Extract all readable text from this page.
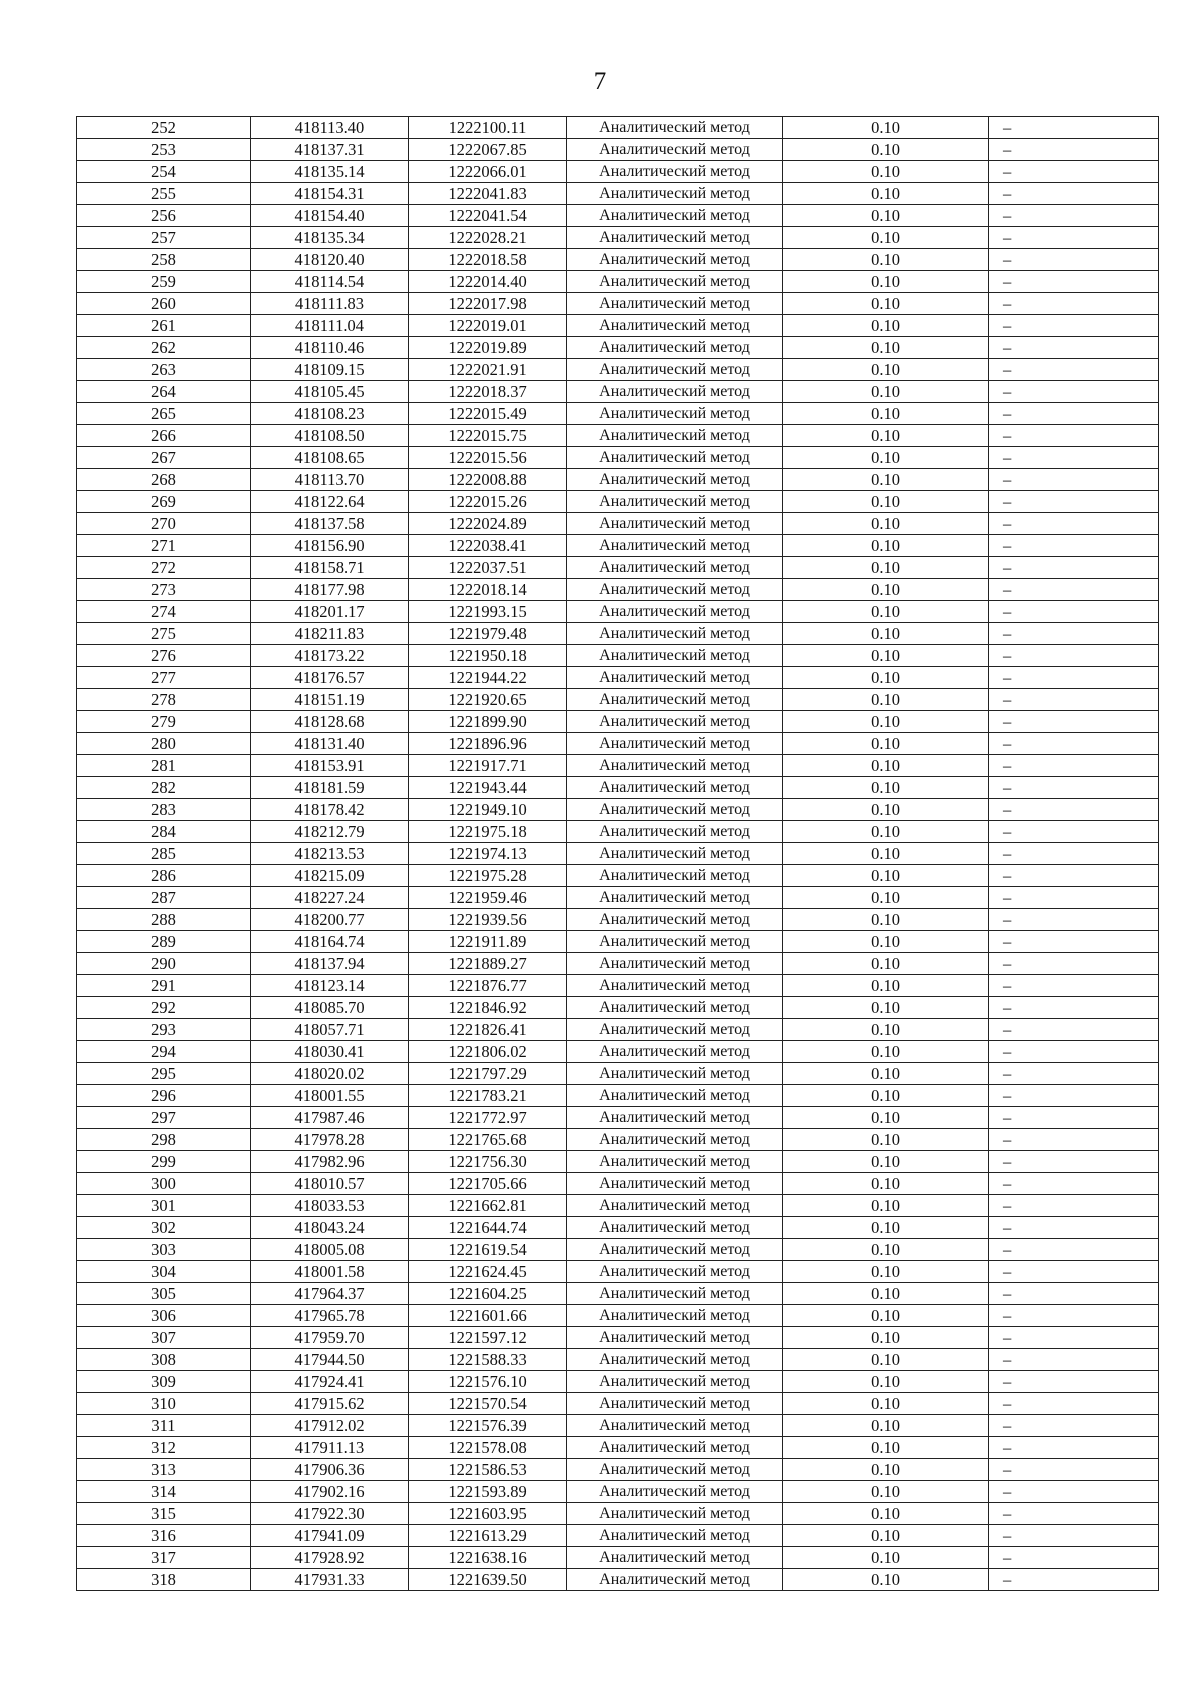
7
252	418113.40	1222100.11	Аналитический метод	0.10	–
253	418137.31	1222067.85	Аналитический метод	0.10	–
254	418135.14	1222066.01	Аналитический метод	0.10	–
255	418154.31	1222041.83	Аналитический метод	0.10	–
256	418154.40	1222041.54	Аналитический метод	0.10	–
257	418135.34	1222028.21	Аналитический метод	0.10	–
258	418120.40	1222018.58	Аналитический метод	0.10	–
259	418114.54	1222014.40	Аналитический метод	0.10	–
260	418111.83	1222017.98	Аналитический метод	0.10	–
261	418111.04	1222019.01	Аналитический метод	0.10	–
262	418110.46	1222019.89	Аналитический метод	0.10	–
263	418109.15	1222021.91	Аналитический метод	0.10	–
264	418105.45	1222018.37	Аналитический метод	0.10	–
265	418108.23	1222015.49	Аналитический метод	0.10	–
266	418108.50	1222015.75	Аналитический метод	0.10	–
267	418108.65	1222015.56	Аналитический метод	0.10	–
268	418113.70	1222008.88	Аналитический метод	0.10	–
269	418122.64	1222015.26	Аналитический метод	0.10	–
270	418137.58	1222024.89	Аналитический метод	0.10	–
271	418156.90	1222038.41	Аналитический метод	0.10	–
272	418158.71	1222037.51	Аналитический метод	0.10	–
273	418177.98	1222018.14	Аналитический метод	0.10	–
274	418201.17	1221993.15	Аналитический метод	0.10	–
275	418211.83	1221979.48	Аналитический метод	0.10	–
276	418173.22	1221950.18	Аналитический метод	0.10	–
277	418176.57	1221944.22	Аналитический метод	0.10	–
278	418151.19	1221920.65	Аналитический метод	0.10	–
279	418128.68	1221899.90	Аналитический метод	0.10	–
280	418131.40	1221896.96	Аналитический метод	0.10	–
281	418153.91	1221917.71	Аналитический метод	0.10	–
282	418181.59	1221943.44	Аналитический метод	0.10	–
283	418178.42	1221949.10	Аналитический метод	0.10	–
284	418212.79	1221975.18	Аналитический метод	0.10	–
285	418213.53	1221974.13	Аналитический метод	0.10	–
286	418215.09	1221975.28	Аналитический метод	0.10	–
287	418227.24	1221959.46	Аналитический метод	0.10	–
288	418200.77	1221939.56	Аналитический метод	0.10	–
289	418164.74	1221911.89	Аналитический метод	0.10	–
290	418137.94	1221889.27	Аналитический метод	0.10	–
291	418123.14	1221876.77	Аналитический метод	0.10	–
292	418085.70	1221846.92	Аналитический метод	0.10	–
293	418057.71	1221826.41	Аналитический метод	0.10	–
294	418030.41	1221806.02	Аналитический метод	0.10	–
295	418020.02	1221797.29	Аналитический метод	0.10	–
296	418001.55	1221783.21	Аналитический метод	0.10	–
297	417987.46	1221772.97	Аналитический метод	0.10	–
298	417978.28	1221765.68	Аналитический метод	0.10	–
299	417982.96	1221756.30	Аналитический метод	0.10	–
300	418010.57	1221705.66	Аналитический метод	0.10	–
301	418033.53	1221662.81	Аналитический метод	0.10	–
302	418043.24	1221644.74	Аналитический метод	0.10	–
303	418005.08	1221619.54	Аналитический метод	0.10	–
304	418001.58	1221624.45	Аналитический метод	0.10	–
305	417964.37	1221604.25	Аналитический метод	0.10	–
306	417965.78	1221601.66	Аналитический метод	0.10	–
307	417959.70	1221597.12	Аналитический метод	0.10	–
308	417944.50	1221588.33	Аналитический метод	0.10	–
309	417924.41	1221576.10	Аналитический метод	0.10	–
310	417915.62	1221570.54	Аналитический метод	0.10	–
311	417912.02	1221576.39	Аналитический метод	0.10	–
312	417911.13	1221578.08	Аналитический метод	0.10	–
313	417906.36	1221586.53	Аналитический метод	0.10	–
314	417902.16	1221593.89	Аналитический метод	0.10	–
315	417922.30	1221603.95	Аналитический метод	0.10	–
316	417941.09	1221613.29	Аналитический метод	0.10	–
317	417928.92	1221638.16	Аналитический метод	0.10	–
318	417931.33	1221639.50	Аналитический метод	0.10	–
